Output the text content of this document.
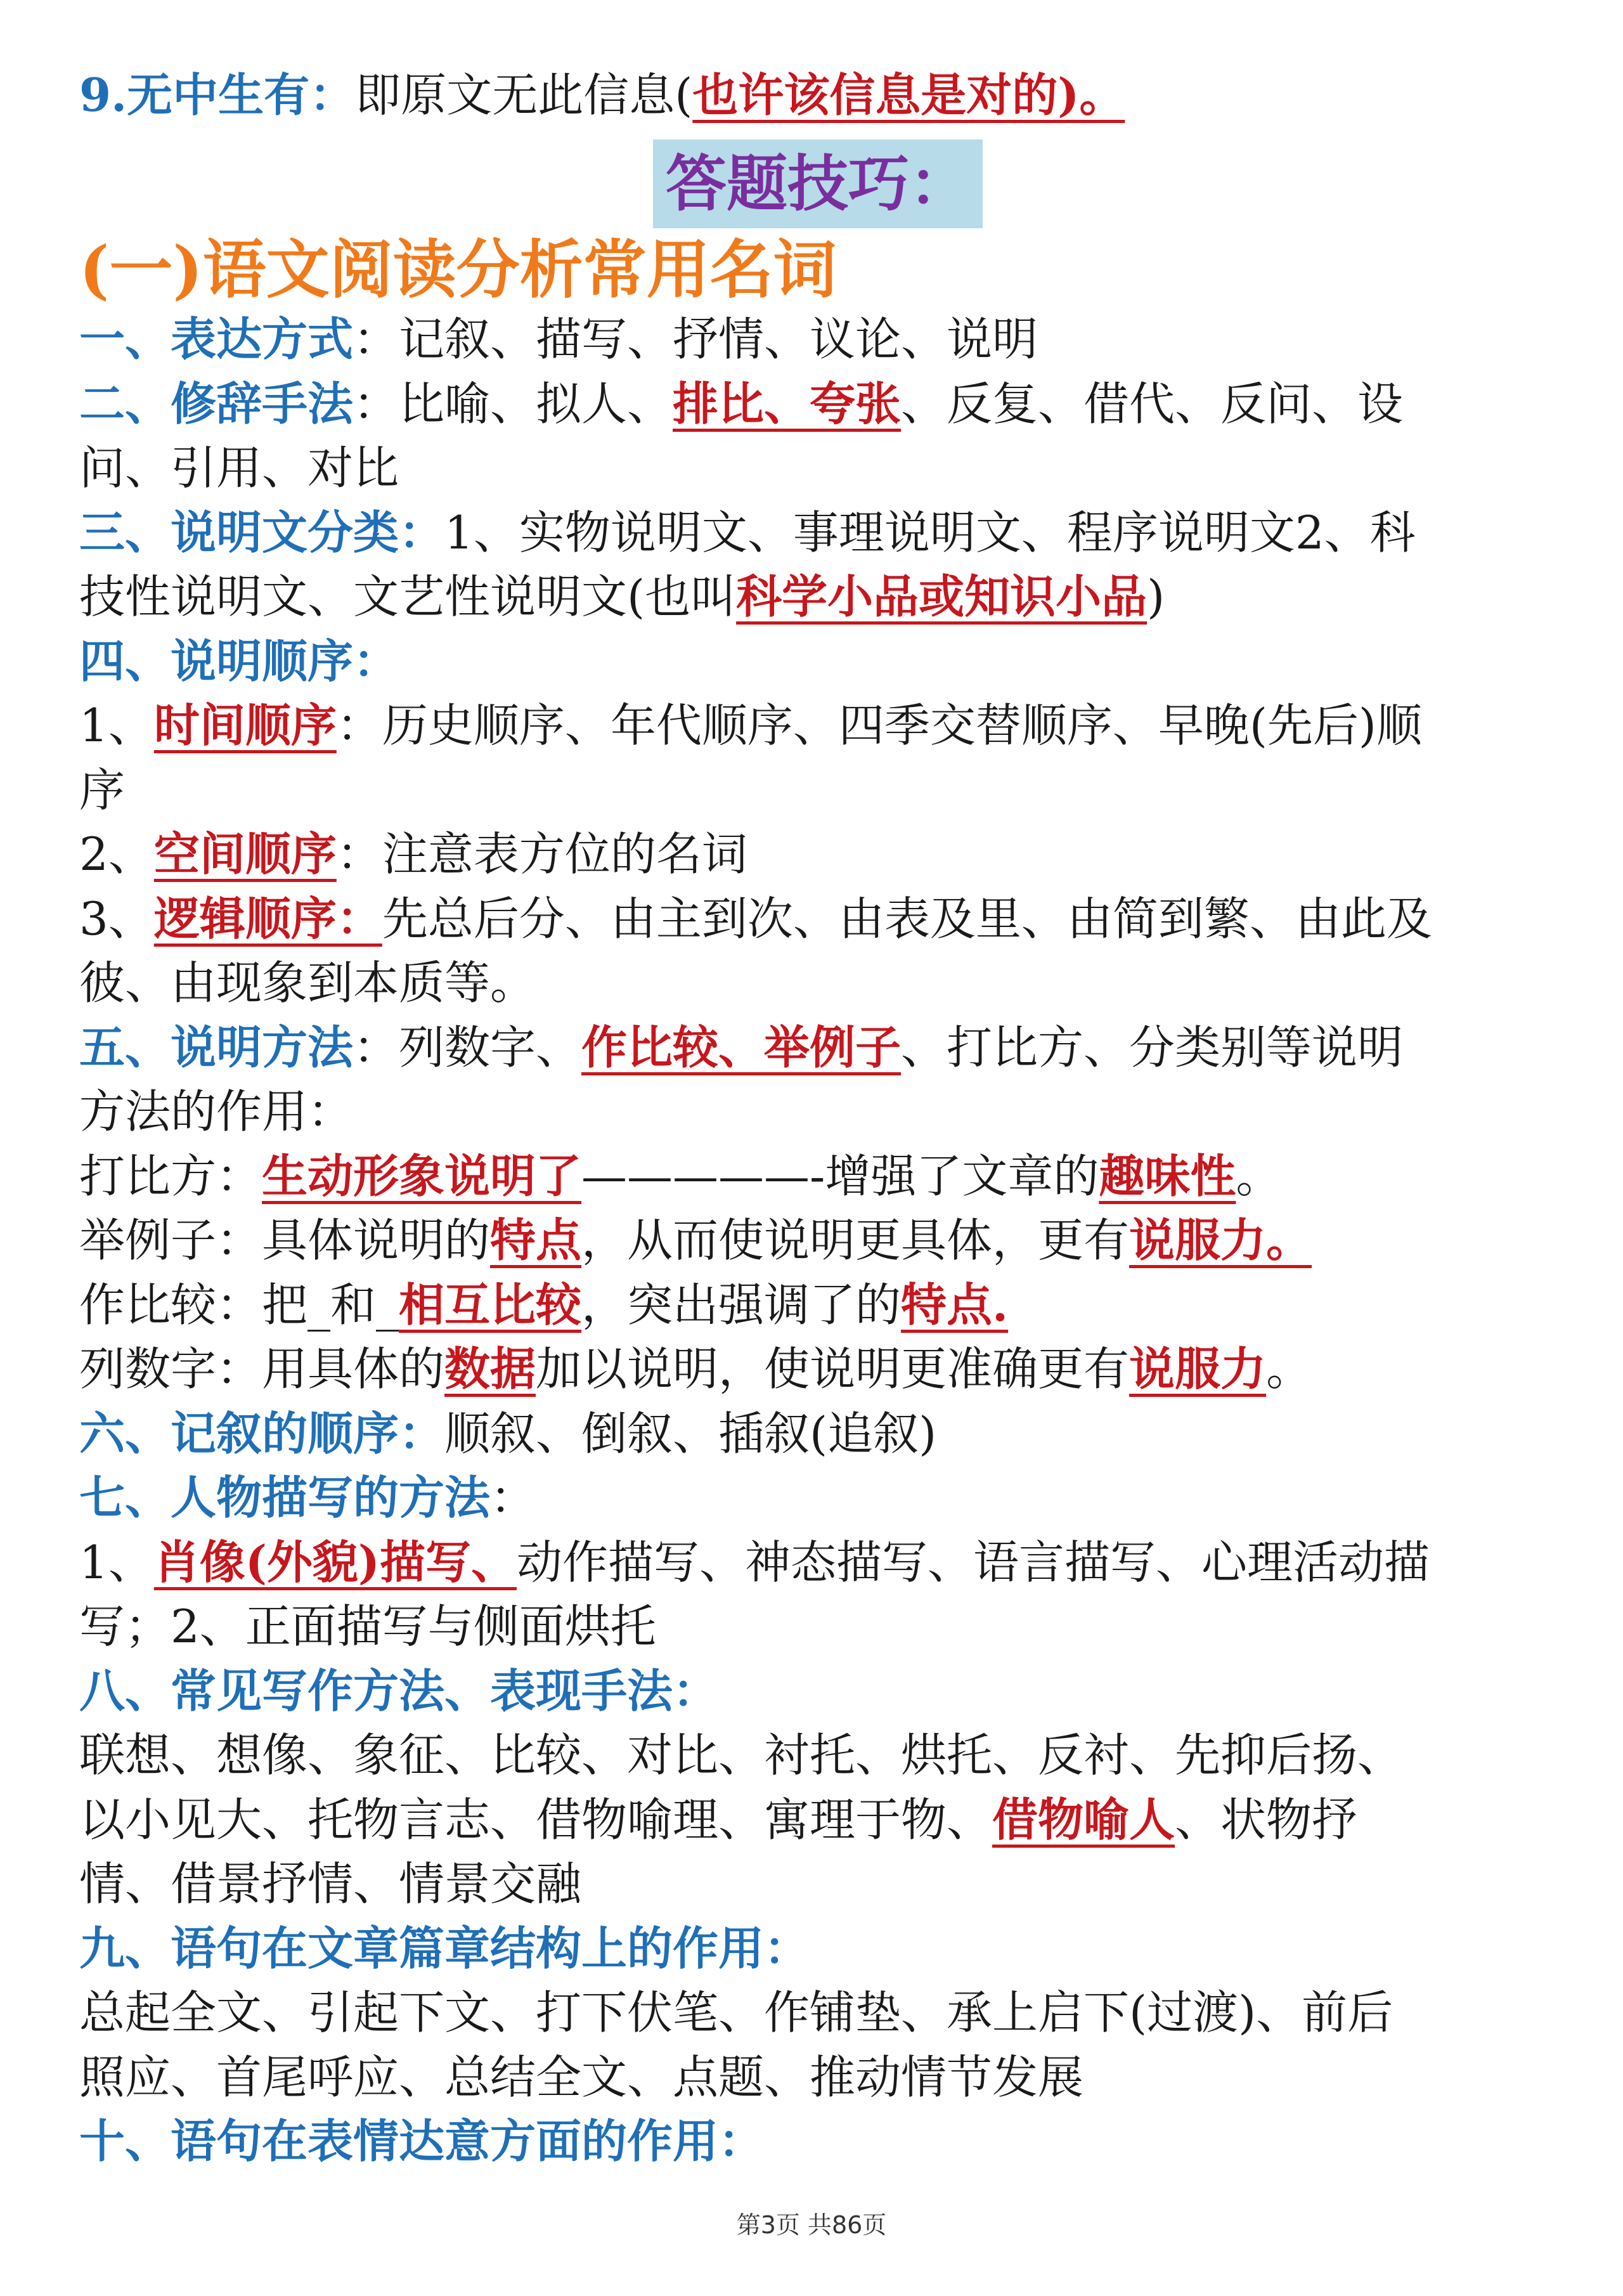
9.无中生有：即原文无此信息(也许该信息是对的)。
答题技巧：
(一)语文阅读分析常用名词
一、表达方式：记叙、描写、抒情、议论、说明
二、修辞手法：比喻、拟人、排比、夸张、反复、借代、反问、设
问、引用、对比
三、说明文分类：1、实物说明文、事理说明文、程序说明文2、科
技性说明文、文艺性说明文(也叫科学小品或知识小品)
四、说明顺序：
1、时间顺序：历史顺序、年代顺序、四季交替顺序、早晚(先后)顺
序
2、空间顺序：注意表方位的名词
3、逻辑顺序：先总后分、由主到次、由表及里、由简到繁、由此及
彼、由现象到本质等。
五、说明方法：列数字、作比较、举例子、打比方、分类别等说明
方法的作用：
打比方：生动形象说明了—————-增强了文章的趣味性。
举例子：具体说明的特点，从而使说明更具体，更有说服力。
作比较：把_和_相互比较，突出强调了的特点.
列数字：用具体的数据加以说明，使说明更准确更有说服力。
六、记叙的顺序：顺叙、倒叙、插叙(追叙)
七、人物描写的方法：
1、肖像(外貌)描写、动作描写、神态描写、语言描写、心理活动描
写；2、正面描写与侧面烘托
八、常见写作方法、表现手法：
联想、想像、象征、比较、对比、衬托、烘托、反衬、先抑后扬、
以小见大、托物言志、借物喻理、寓理于物、借物喻人、状物抒
情、借景抒情、情景交融
九、语句在文章篇章结构上的作用：
总起全文、引起下文、打下伏笔、作铺垫、承上启下(过渡)、前后
照应、首尾呼应、总结全文、点题、推动情节发展
十、语句在表情达意方面的作用：
第3页 共86页
